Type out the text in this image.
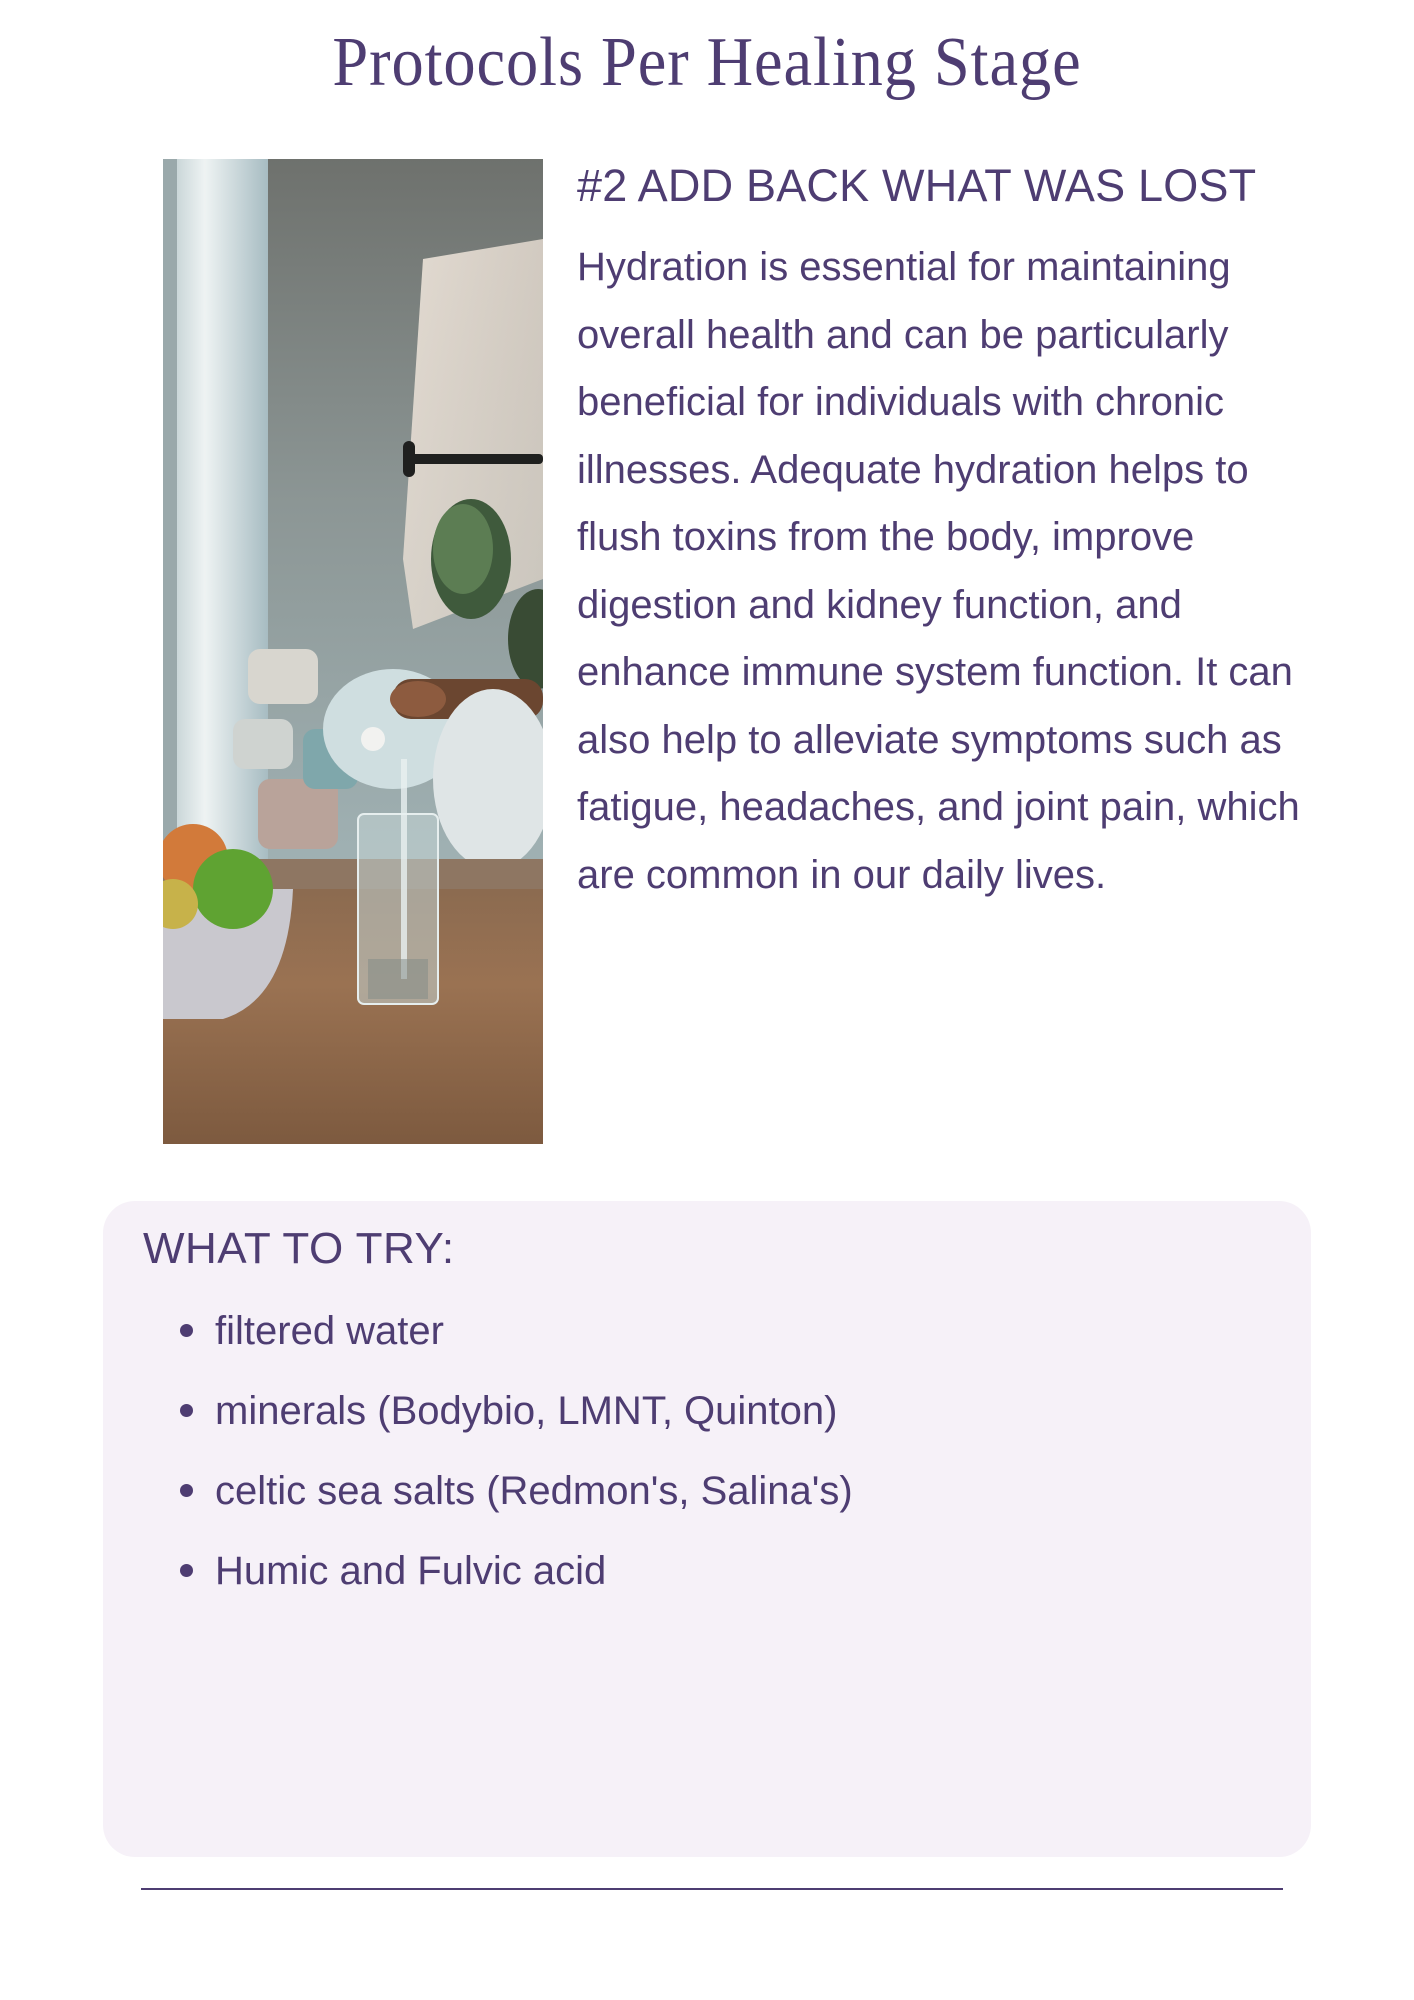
Protocols Per Healing Stage
#2 ADD BACK WHAT WAS LOST

Hydration is essential for maintaining overall health and can be particularly beneficial for individuals with chronic illnesses. Adequate hydration helps to flush toxins from the body, improve digestion and kidney function, and enhance immune system function. It can also help to alleviate symptoms such as fatigue, headaches, and joint pain, which are common in our daily lives.

WHAT TO TRY:
filtered water
minerals (Bodybio, LMNT, Quinton)
celtic sea salts (Redmon's, Salina's)
Humic and Fulvic acid
